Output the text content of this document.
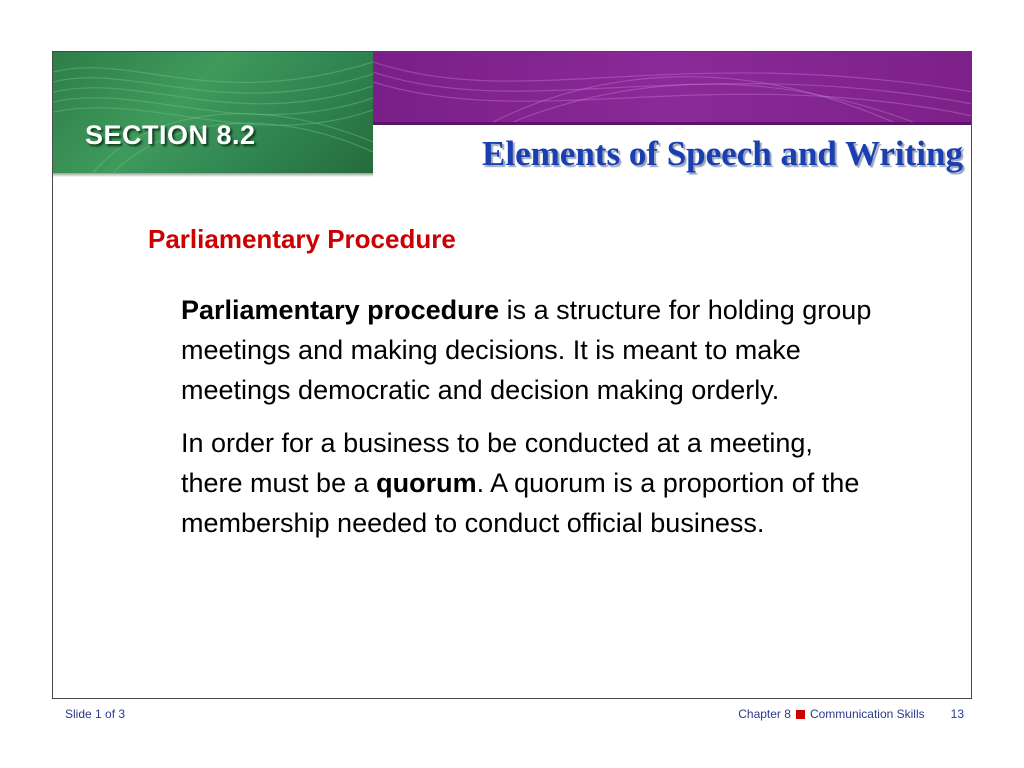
SECTION 8.2	Elements of Speech and Writing
Parliamentary Procedure

Parliamentary procedure is a structure for holding group meetings and making decisions. It is meant to make meetings democratic and decision making orderly.

In order for a business to be conducted at a meeting, there must be a quorum. A quorum is a proportion of the membership needed to conduct official business.

Slide 1 of 3	Chapter 8 Communication Skills 13
